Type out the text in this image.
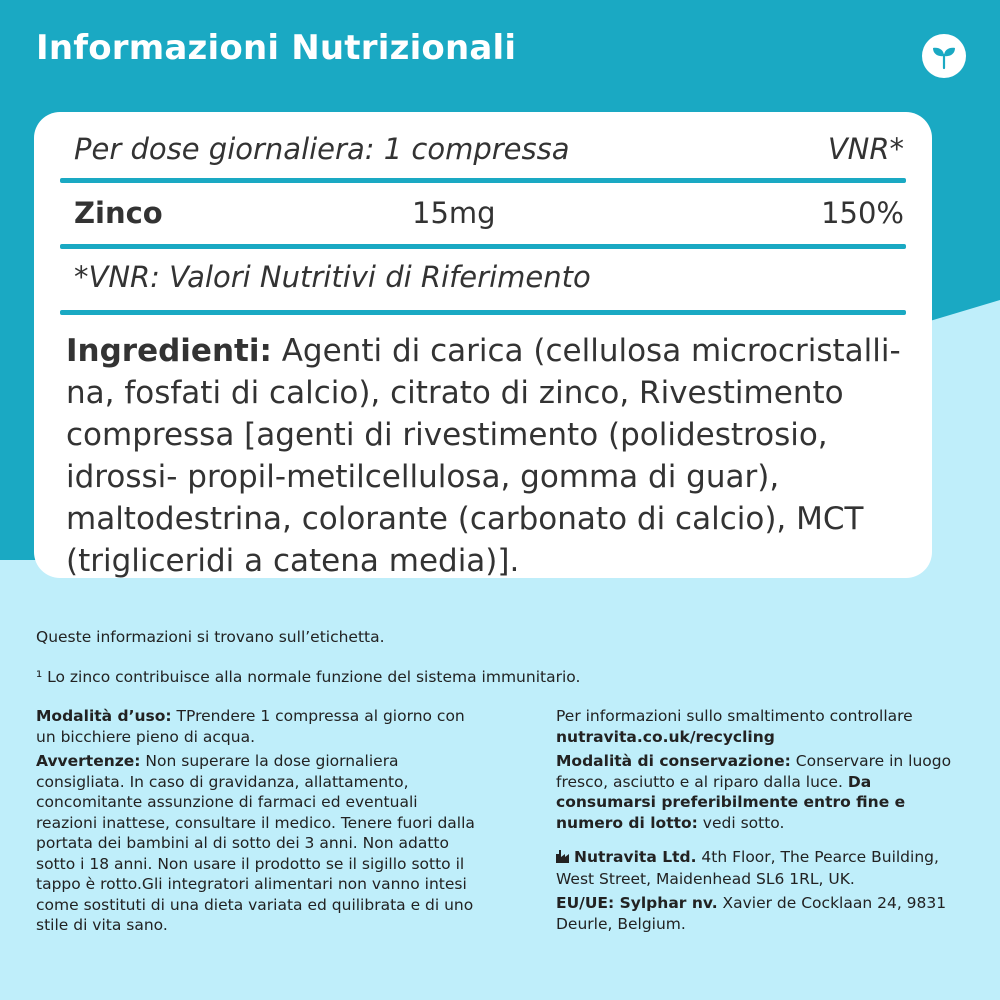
Informazioni Nutrizionali
Per dose giornaliera: 1 compressa	VNR*
Zinco	15mg	150%
*VNR: Valori Nutritivi di Riferimento
Ingredienti: Agenti di carica (cellulosa microcristalli-na, fosfati di calcio), citrato di zinco, Rivestimento compressa [agenti di rivestimento (polidestrosio, idrossi- propil-metilcellulosa, gomma di guar), maltodestrina, colorante (carbonato di calcio), MCT (trigliceridi a catena media)].
Queste informazioni si trovano sull’etichetta.
¹ Lo zinco contribuisce alla normale funzione del sistema immunitario.

Modalità d’uso: TPrendere 1 compressa al giorno con un bicchiere pieno di acqua.

Avvertenze: Non superare la dose giornaliera consigliata. In caso di gravidanza, allattamento, concomitante assunzione di farmaci ed eventuali reazioni inattese, consultare il medico. Tenere fuori dalla portata dei bambini al di sotto dei 3 anni. Non adatto sotto i 18 anni. Non usare il prodotto se il sigillo sotto il tappo è rotto.Gli integratori alimentari non vanno intesi come sostituti di una dieta variata ed quilibrata e di uno stile di vita sano.

Per informazioni sullo smaltimento controllare nutravita.co.uk/recycling

Modalità di conservazione: Conservare in luogo fresco, asciutto e al riparo dalla luce. Da consumarsi preferibilmente entro fine e numero di lotto: vedi sotto.

Nutravita Ltd. 4th Floor, The Pearce Building, West Street, Maidenhead SL6 1RL, UK.

EU/UE: Sylphar nv. Xavier de Cocklaan 24, 9831 Deurle, Belgium.
